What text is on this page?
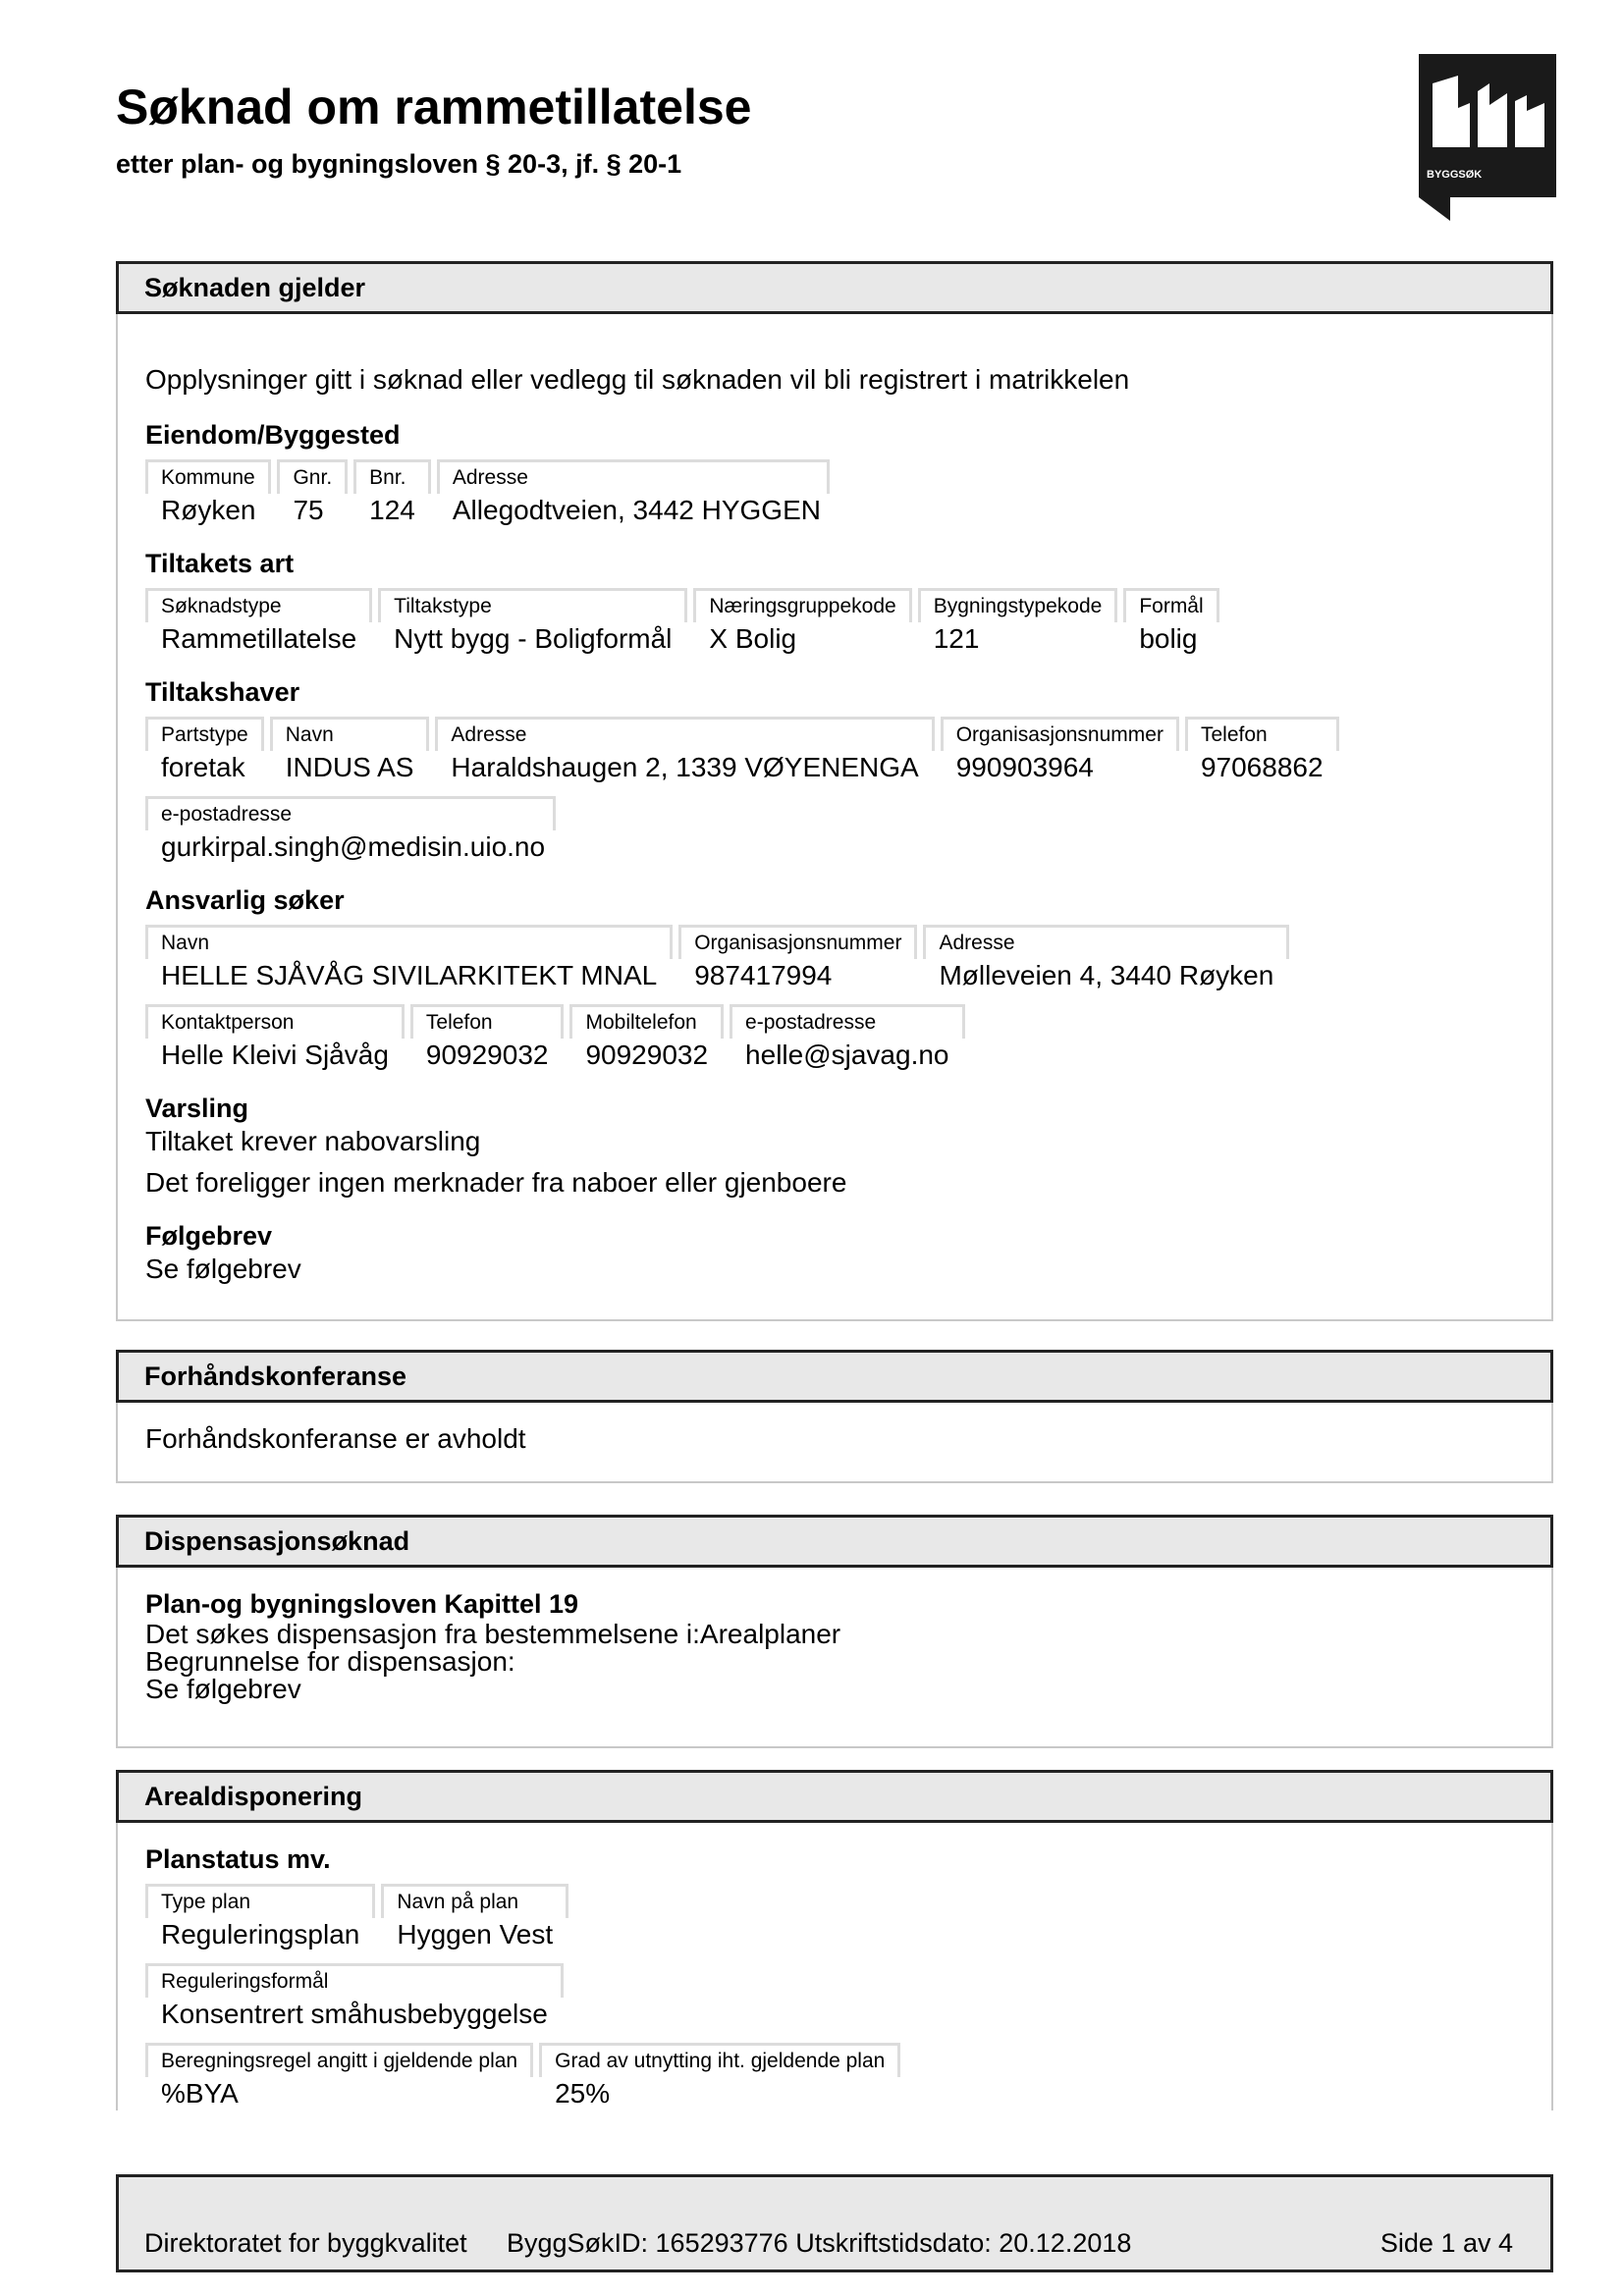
Søknad om rammetillatelse

etter plan- og bygningsloven § 20-3, jf. § 20-1	BYGGSØK
Søknaden gjelder

Opplysninger gitt i søknad eller vedlegg til søknaden vil bli registrert i matrikkelen

Eiendom/Byggested

Kommune
Røyken
Gnr.
75
Bnr.
124
Adresse
Allegodtveien, 3442 HYGGEN

Tiltakets art

Søknadstype
Rammetillatelse
Tiltakstype
Nytt bygg - Boligformål
Næringsgruppekode
X Bolig
Bygningstypekode
121
Formål
bolig

Tiltakshaver

Partstype
foretak
Navn
INDUS AS
Adresse
Haraldshaugen 2, 1339 VØYENENGA
Organisasjonsnummer
990903964
Telefon
97068862
e-postadresse
gurkirpal.singh@medisin.uio.no

Ansvarlig søker

Navn
HELLE SJÅVÅG SIVILARKITEKT MNAL
Organisasjonsnummer
987417994
Adresse
Mølleveien 4, 3440 Røyken
Kontaktperson
Helle Kleivi Sjåvåg
Telefon
90929032
Mobiltelefon
90929032
e-postadresse
helle@sjavag.no

Varsling

Tiltaket krever nabovarsling

Det foreligger ingen merknader fra naboer eller gjenboere

Følgebrev

Se følgebrev

Forhåndskonferanse

Forhåndskonferanse er avholdt

Dispensasjonsøknad

Plan-og bygningsloven Kapittel 19

Det søkes dispensasjon fra bestemmelsene i:Arealplaner

Begrunnelse for dispensasjon:

Se følgebrev

Arealdisponering

Planstatus mv.

Type plan
Reguleringsplan
Navn på plan
Hyggen Vest
Reguleringsformål
Konsentrert småhusbebyggelse
Beregningsregel angitt i gjeldende plan
%BYA
Grad av utnytting iht. gjeldende plan
25%
Direktoratet for byggkvalitet ByggSøkID: 165293776 Utskriftstidsdato: 20.12.2018	Side 1 av 4
